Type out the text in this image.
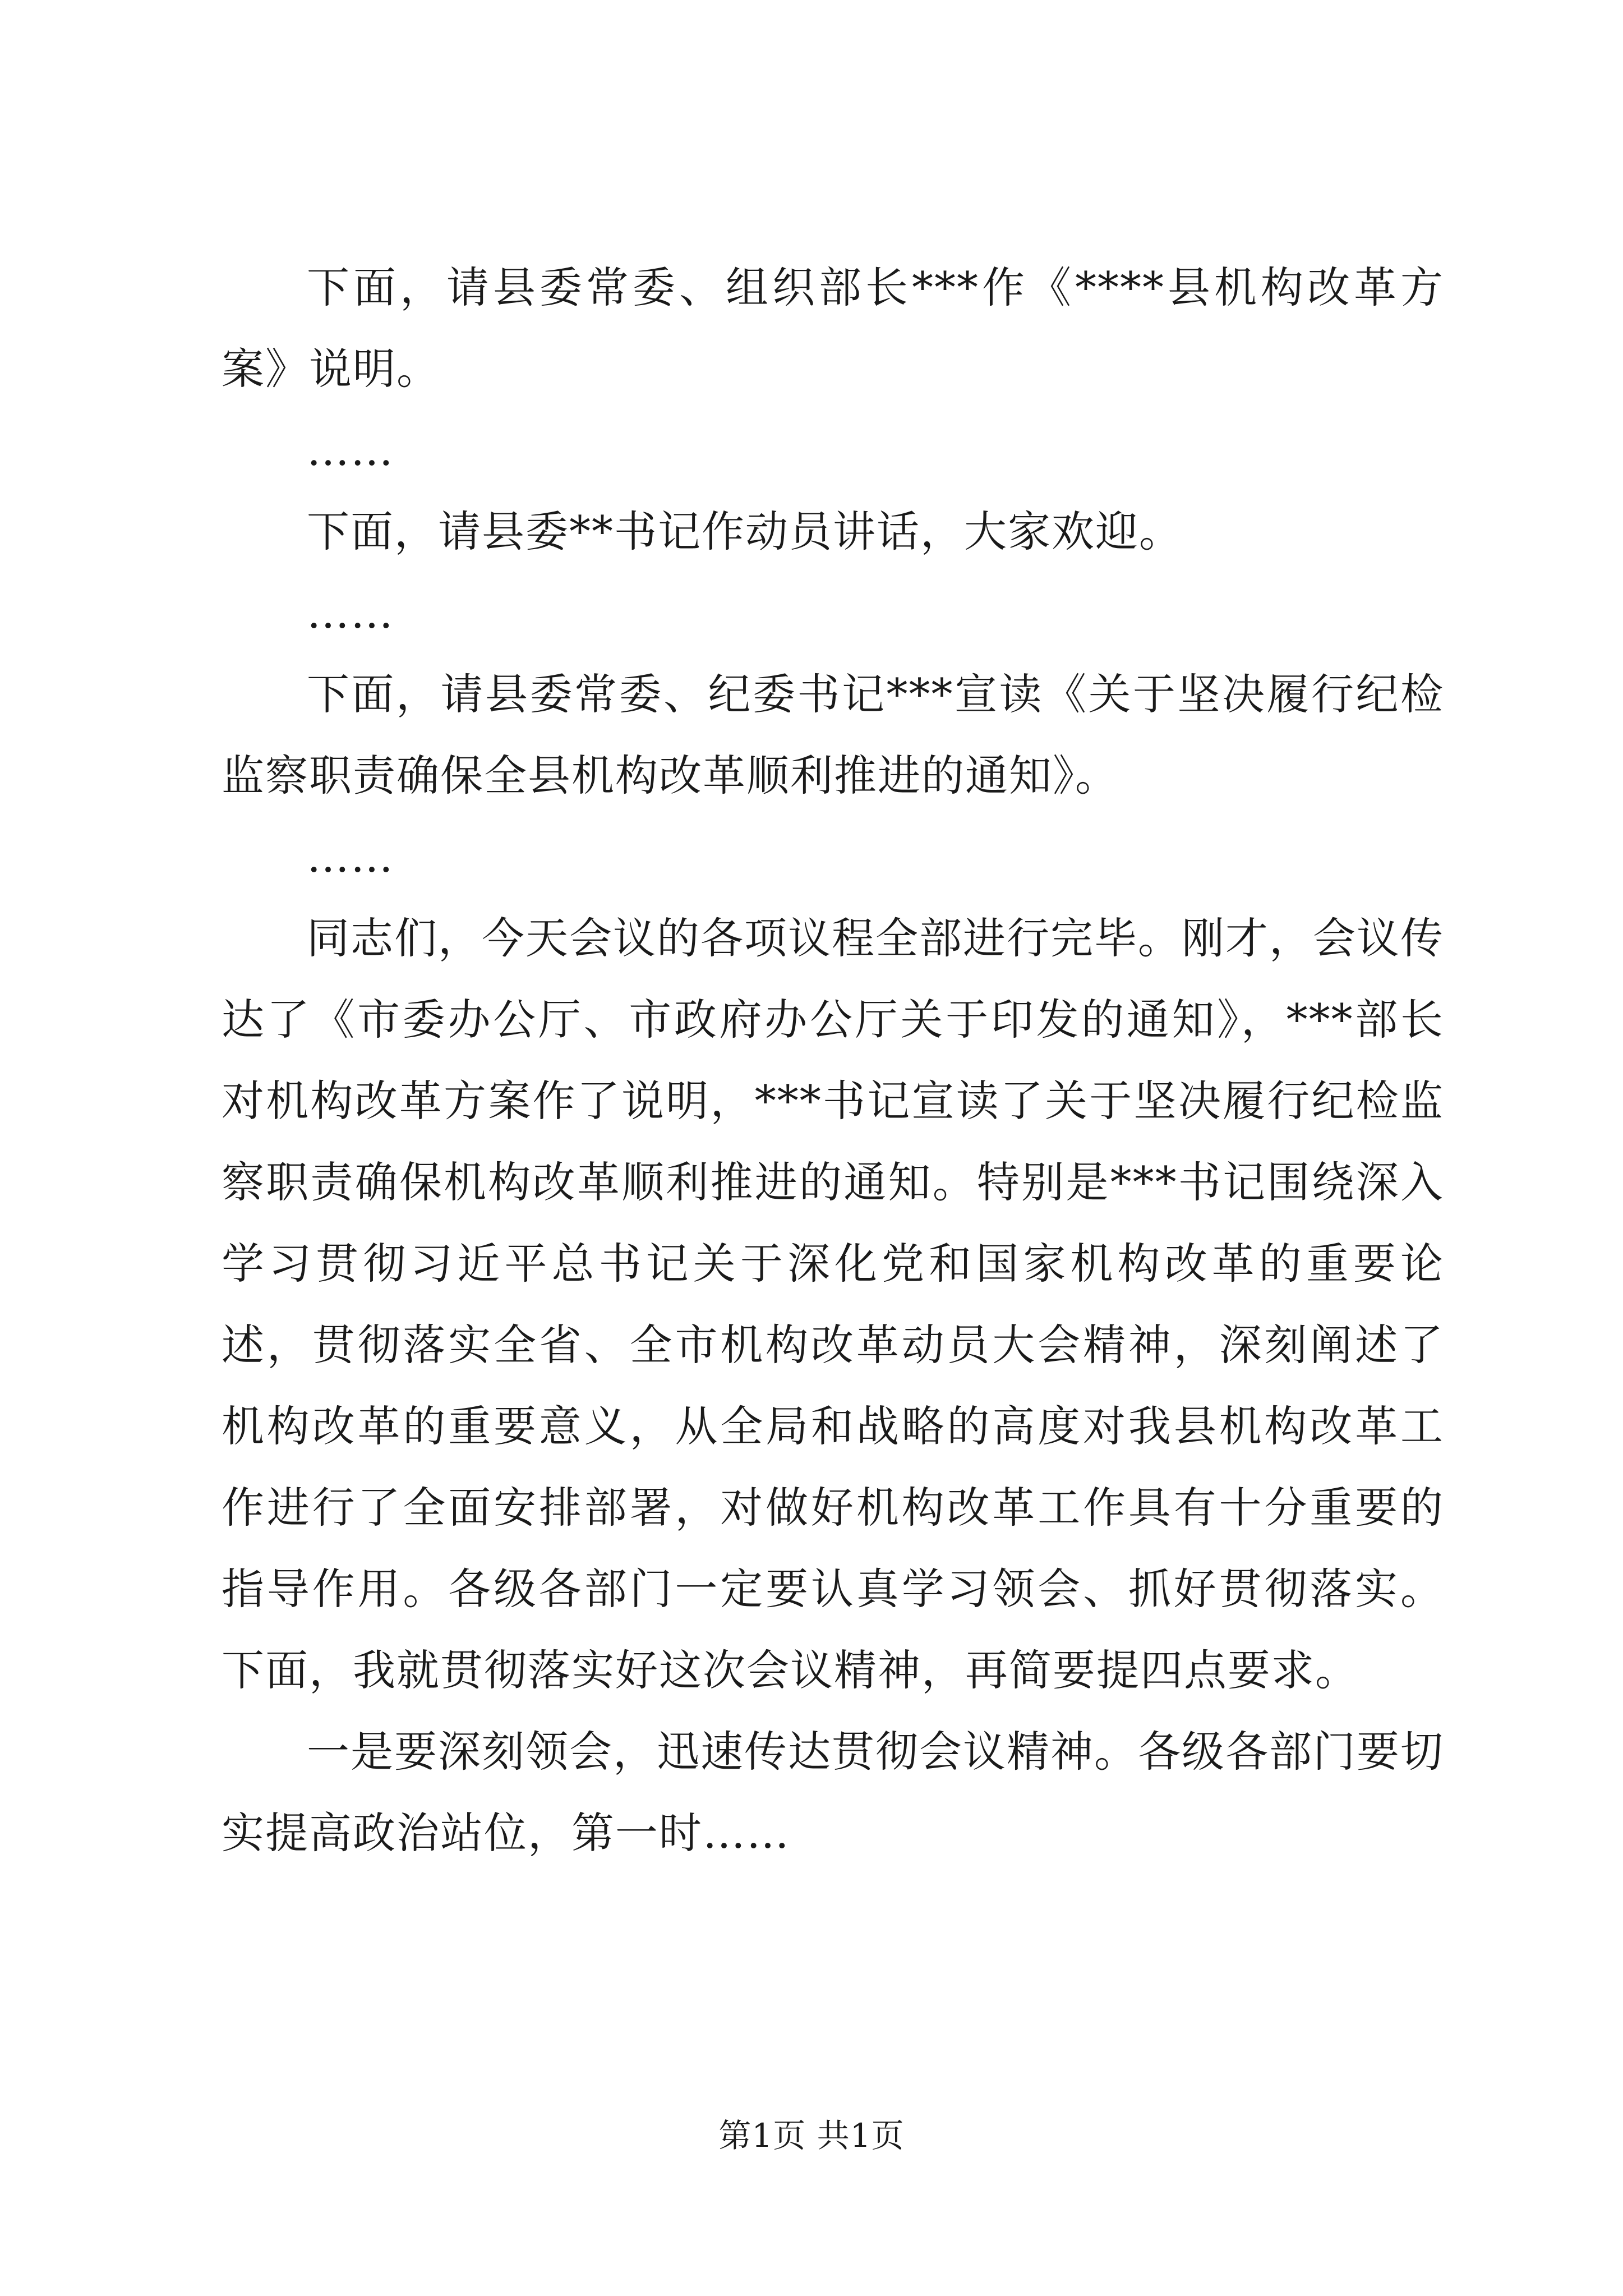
下面，请县委常委、组织部长***作《****县机构改革方案》说明。

……

下面，请县委**书记作动员讲话，大家欢迎。

……

下面，请县委常委、纪委书记***宣读《关于坚决履行纪检监察职责确保全县机构改革顺利推进的通知》。

……

同志们，今天会议的各项议程全部进行完毕。刚才，会议传达了《市委办公厅、市政府办公厅关于印发的通知》，***部长对机构改革方案作了说明，***书记宣读了关于坚决履行纪检监察职责确保机构改革顺利推进的通知。特别是***书记围绕深入学习贯彻习近平总书记关于深化党和国家机构改革的重要论述，贯彻落实全省、全市机构改革动员大会精神，深刻阐述了机构改革的重要意义，从全局和战略的高度对我县机构改革工作进行了全面安排部署，对做好机构改革工作具有十分重要的指导作用。各级各部门一定要认真学习领会、抓好贯彻落实。下面，我就贯彻落实好这次会议精神，再简要提四点要求。

一是要深刻领会，迅速传达贯彻会议精神。各级各部门要切实提高政治站位，第一时……

第1页 共1页
